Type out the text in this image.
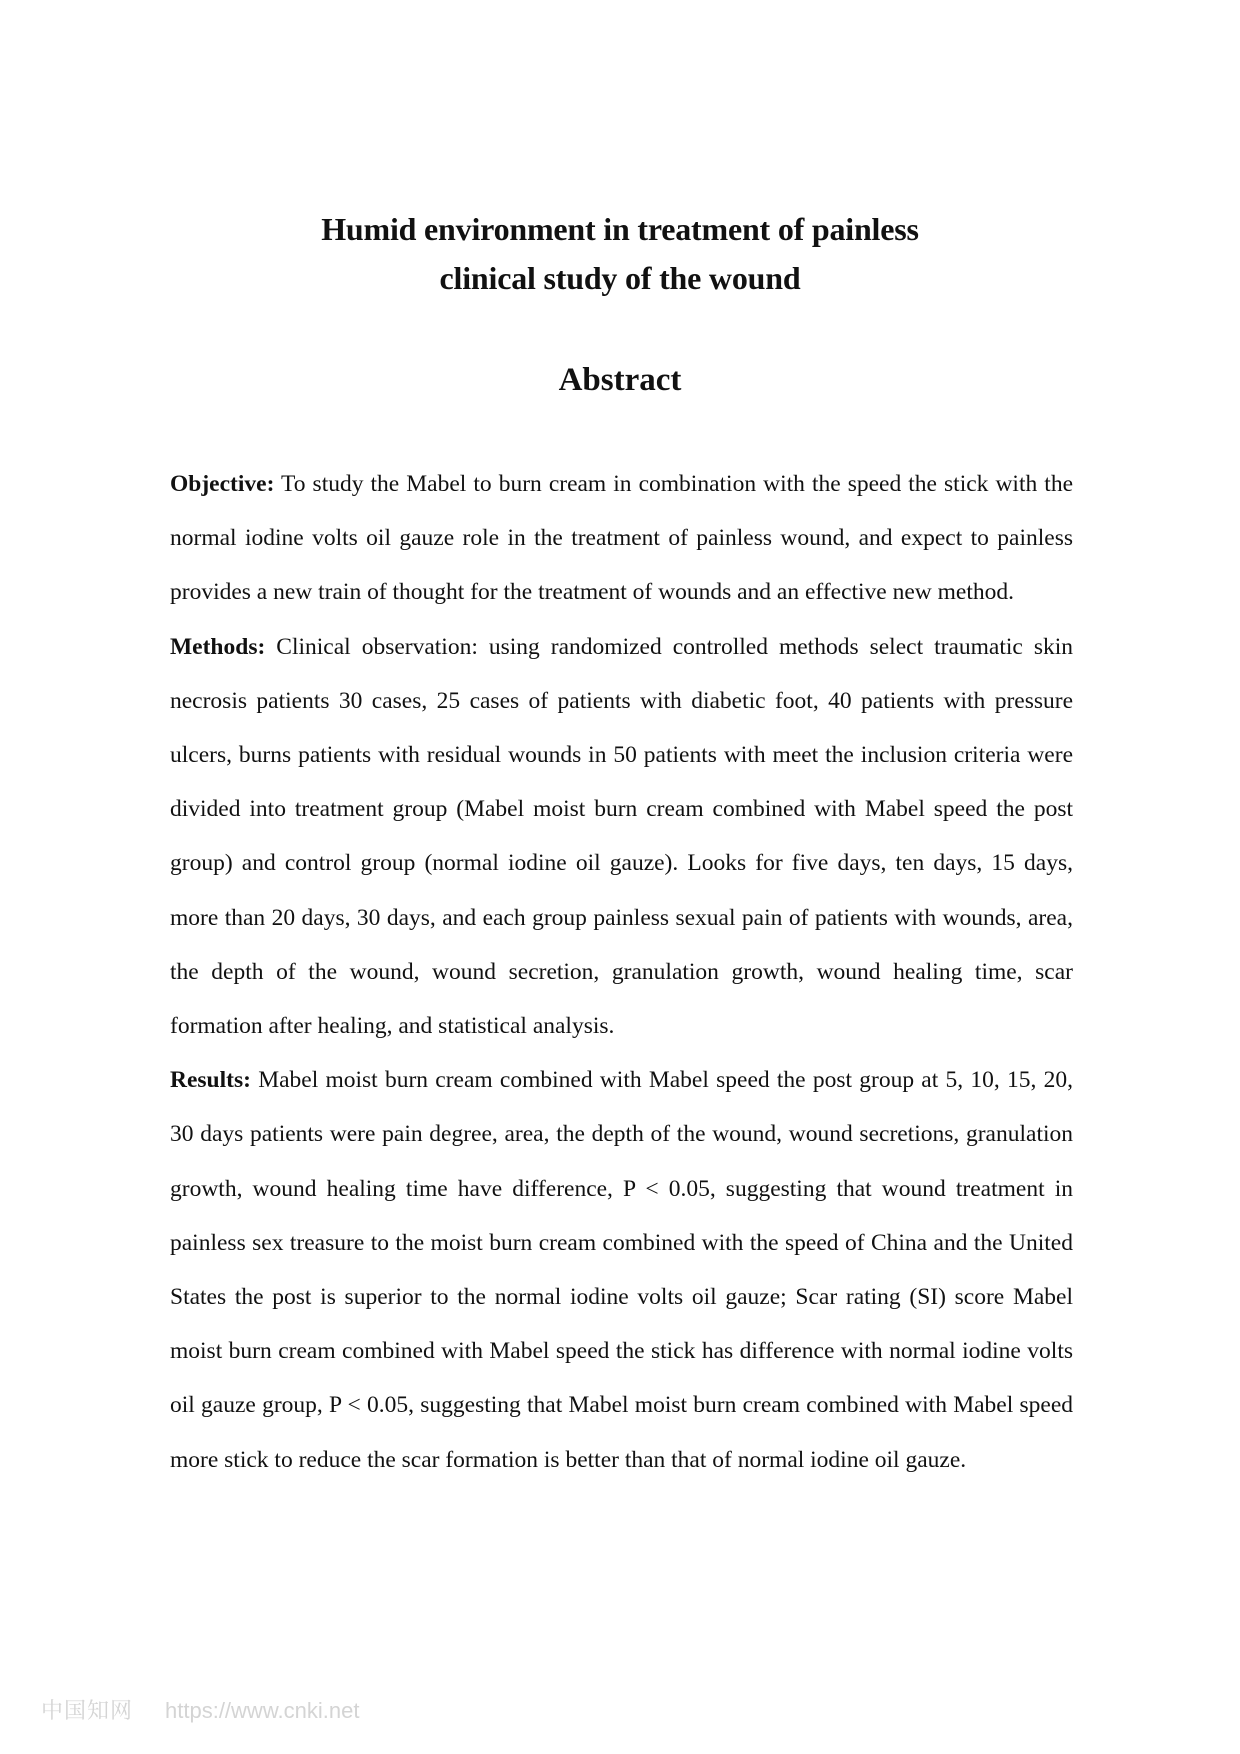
Humid environment in treatment of painless

clinical study of the wound

Abstract

Objective: To study the Mabel to burn cream in combination with the speed the stick with the normal iodine volts oil gauze role in the treatment of painless wound, and expect to painless provides a new train of thought for the treatment of wounds and an effective new method.

Methods: Clinical observation: using randomized controlled methods select traumatic skin necrosis patients 30 cases, 25 cases of patients with diabetic foot, 40 patients with pressure ulcers, burns patients with residual wounds in 50 patients with meet the inclusion criteria were divided into treatment group (Mabel moist burn cream combined with Mabel speed the post group) and control group (normal iodine oil gauze). Looks for five days, ten days, 15 days, more than 20 days, 30 days, and each group painless sexual pain of patients with wounds, area, the depth of the wound, wound secretion, granulation growth, wound healing time, scar formation after healing, and statistical analysis.

Results: Mabel moist burn cream combined with Mabel speed the post group at 5, 10, 15, 20, 30 days patients were pain degree, area, the depth of the wound, wound secretions, granulation growth, wound healing time have difference, P < 0.05, suggesting that wound treatment in painless sex treasure to the moist burn cream combined with the speed of China and the United States the post is superior to the normal iodine volts oil gauze; Scar rating (SI) score Mabel moist burn cream combined with Mabel speed the stick has difference with normal iodine volts oil gauze group, P < 0.05, suggesting that Mabel moist burn cream combined with Mabel speed more stick to reduce the scar formation is better than that of normal iodine oil gauze.

中国知网 https://www.cnki.net
